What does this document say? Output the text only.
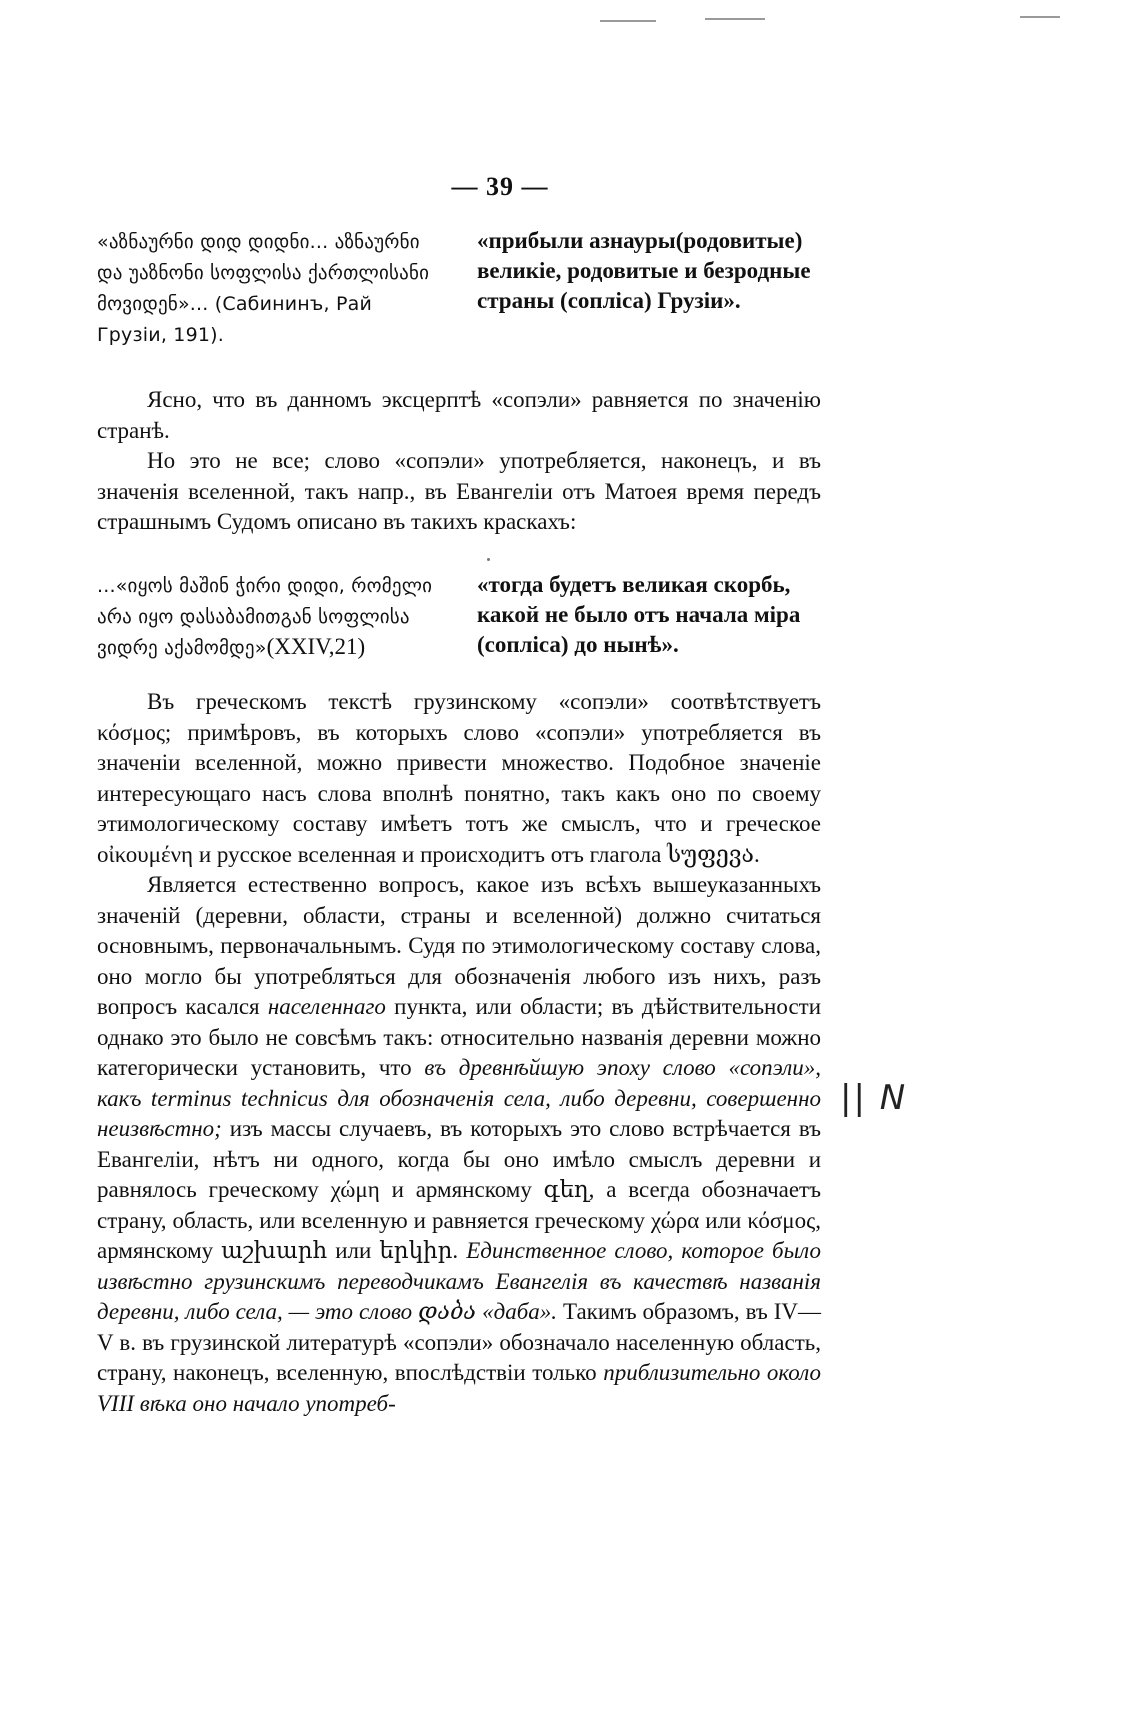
— 39 —
«აზნაურნი დიდ დიდნი... აზნაურნი და უაზნონი სოფლისა ქართლისანი მოვიდენ»... (Сабининъ, Рай Грузіи, 191).
«прибыли азнауры(родовитые) великіе, родовитые и безродные страны (сопліса) Грузіи».

Ясно, что въ данномъ эксцерптѣ «сопэли» равняется по значенію странѣ.

Но это не все; слово «сопэли» употребляется, наконецъ, и въ значенія вселенной, такъ напр., въ Евангеліи отъ Матоея время передъ страшнымъ Судомъ описано въ такихъ краскахъ:

...«იყოს მაშინ ჭირი დიდი, რომელი არა იყო დასაბამითგან სოფლისა ვიდრე აქამომდე»(XXIV,21)
«тогда будетъ великая скорбь, какой не было отъ начала міра (сопліса) до нынѣ».

Въ греческомъ текстѣ грузинскому «сопэли» соотвѣтствуетъ κόσμος; примѣровъ, въ которыхъ слово «сопэли» употребляется въ значеніи вселенной, можно привести множество. Подобное значеніе интересующаго насъ слова вполнѣ понятно, такъ какъ оно по своему этимологическому составу имѣетъ тотъ же смыслъ, что и греческое οἰκουμένη и русское вселенная и происходитъ отъ глагола სუფევა.

Является естественно вопросъ, какое изъ всѣхъ вышеуказанныхъ значеній (деревни, области, страны и вселенной) должно считаться основнымъ, первоначальнымъ. Судя по этимологическому составу слова, оно могло бы употребляться для обозначенія любого изъ нихъ, разъ вопросъ касался населеннаго пункта, или области; въ дѣйствительности однако это было не совсѣмъ такъ: относительно названія деревни можно категорически установить, что въ древнѣйшую эпоху слово «сопэли», какъ terminus technicus для обозначенія села, либо деревни, совершенно неизвѣстно; изъ массы случаевъ, въ которыхъ это слово встрѣчается въ Евангеліи, нѣтъ ни одного, когда бы оно имѣло смыслъ деревни и равнялось греческому χώμη и армянскому գեղ, а всегда обозначаетъ страну, область, или вселенную и равняется греческому χώρα или κόσμος, армянскому աշխարհ или երկիր. Единственное слово, которое было извѣстно грузинскимъ переводчикамъ Евангелія въ качествѣ названія деревни, либо села, — это слово დაბა «даба». Такимъ образомъ, въ IV—V в. въ грузинской литературѣ «сопэли» обозначало населенную область, страну, наконецъ, вселенную, впослѣдствіи только приблизительно около VIII вѣка оно начало употреб-

|| N
